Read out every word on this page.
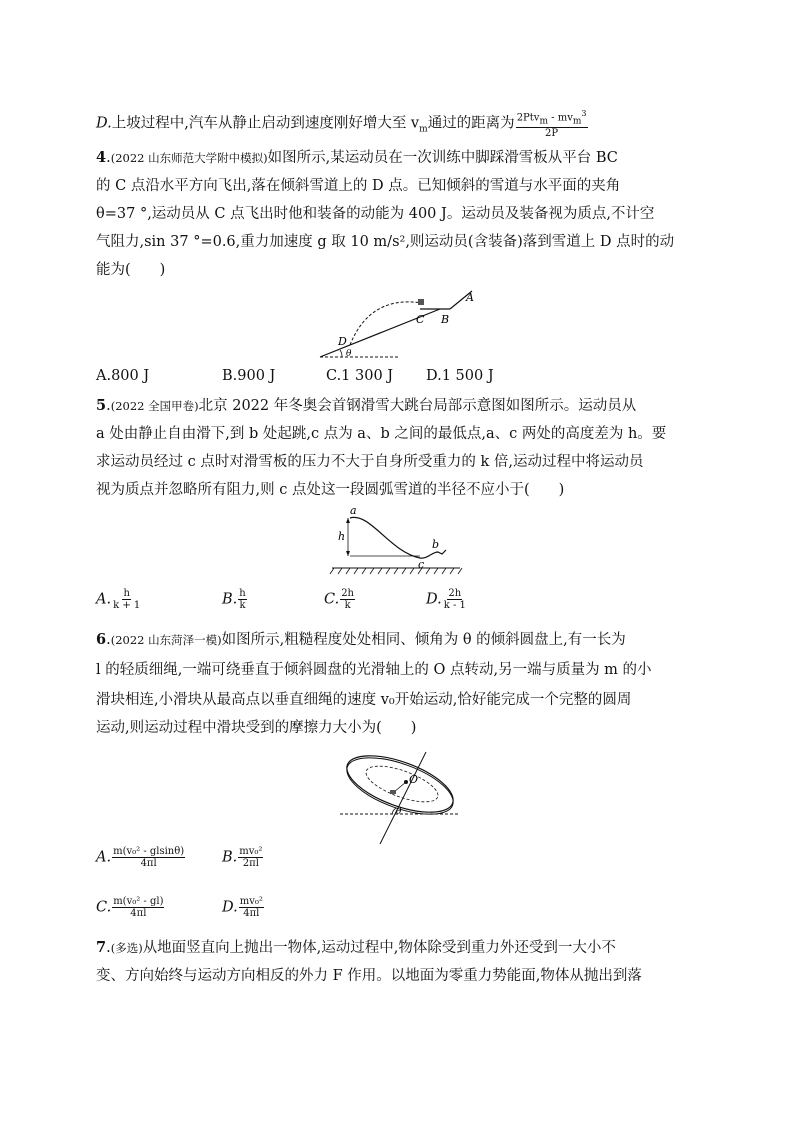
D.上坡过程中,汽车从静止启动到速度刚好增大至 $v_m$通过的距离为 $\frac{2Ptv_m - mv_m^3}{2P}$
4.(2022 山东师范大学附中模拟)如图所示,某运动员在一次训练中脚踩滑雪板从平台 BC
的 C 点沿水平方向飞出,落在倾斜雪道上的 D 点。已知倾斜的雪道与水平面的夹角
θ=37 °,运动员从 C 点飞出时他和装备的动能为 400 J。运动员及装备视为质点,不计空
气阻力,sin 37 °=0.6,重力加速度 g 取 10 m/s²,则运动员(含装备)落到雪道上 D 点时的动
能为(　　)
D
θ
C B
A
A.800 J	B.900 J	C.1 300 J D.1 500 J
5.(2022 全国甲卷)北京 2022 年冬奥会首钢滑雪大跳台局部示意图如图所示。运动员从
a 处由静止自由滑下,到 b 处起跳,c 点为 a、b 之间的最低点,a、c 两处的高度差为 h。要
求运动员经过 c 点时对滑雪板的压力不大于自身所受重力的 k 倍,运动过程中将运动员
视为质点并忽略所有阻力,则 c 点处这一段圆弧雪道的半径不应小于(　　)
a
h
c
b
A. $\frac{h}{k + 1}$	B. $\frac{h}{k}$	C. $\frac{2h}{k}$	D. $\frac{2h}{k - 1}$
6.(2022 山东菏泽一模)如图所示,粗糙程度处处相同、倾角为 θ 的倾斜圆盘上,有一长为
l 的轻质细绳,一端可绕垂直于倾斜圆盘的光滑轴上的 O 点转动,另一端与质量为 m 的小
滑块相连,小滑块从最高点以垂直细绳的速度 v₀开始运动,恰好能完成一个完整的圆周
运动,则运动过程中滑块受到的摩擦力大小为(　　)
O
θ
A. $\frac{\text{m(v₀² - glsinθ)}}{4\pi l}$	B. $\frac{\text{mv₀²}}{2\pi l}$
C. $\frac{\text{m(v₀² - gl)}}{4\pi l}$	D. $\frac{\text{mv₀²}}{4\pi l}$
7.(多选)从地面竖直向上抛出一物体,运动过程中,物体除受到重力外还受到一大小不
变、方向始终与运动方向相反的外力 F 作用。以地面为零重力势能面,物体从抛出到落
